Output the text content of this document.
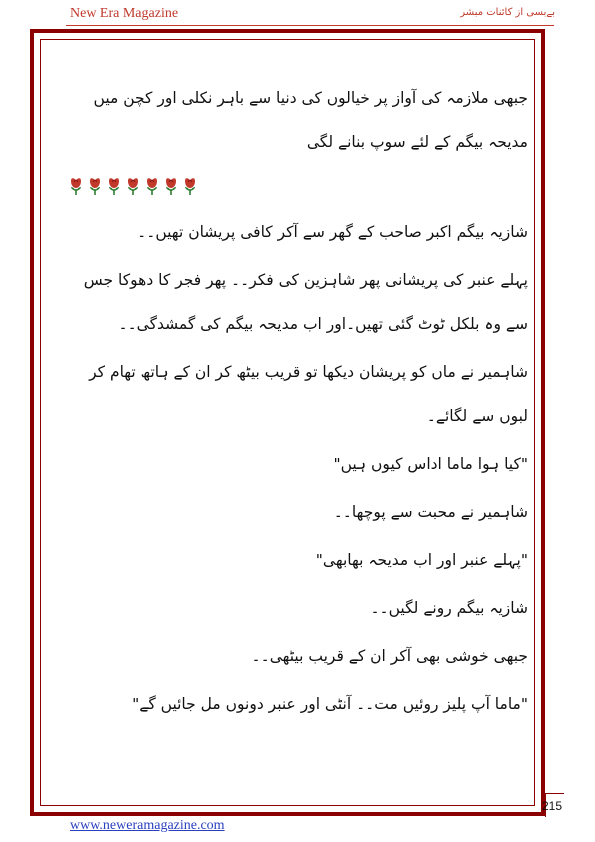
New Era Magazine	بےبسی از کائنات مبشر

جبھی ملازمہ کی آواز پر خیالوں کی دنیا سے باہر نکلی اور کچن میں مدیحہ بیگم کے لئے سوپ بنانے لگی

شازیہ بیگم اکبر صاحب کے گھر سے آکر کافی پریشان تھیں۔۔

پہلے عنبر کی پریشانی پھر شاہزین کی فکر۔۔ پھر فجر کا دھوکا جس سے وہ بلکل ٹوٹ گئی تھیں۔اور اب مدیحہ بیگم کی گمشدگی۔۔

شاہمیر نے ماں کو پریشان دیکھا تو قریب بیٹھ کر ان کے ہاتھ تھام کر لبوں سے لگائے۔

"کیا ہوا ماما اداس کیوں ہیں"

شاہمیر نے محبت سے پوچھا۔۔

"پہلے عنبر اور اب مدیحہ بھابھی"

شازیہ بیگم رونے لگیں۔۔

جبھی خوشی بھی آکر ان کے قریب بیٹھی۔۔

"ماما آپ پلیز روئیں مت۔۔ آنٹی اور عنبر دونوں مل جائیں گے"

215
www.neweramagazine.com
